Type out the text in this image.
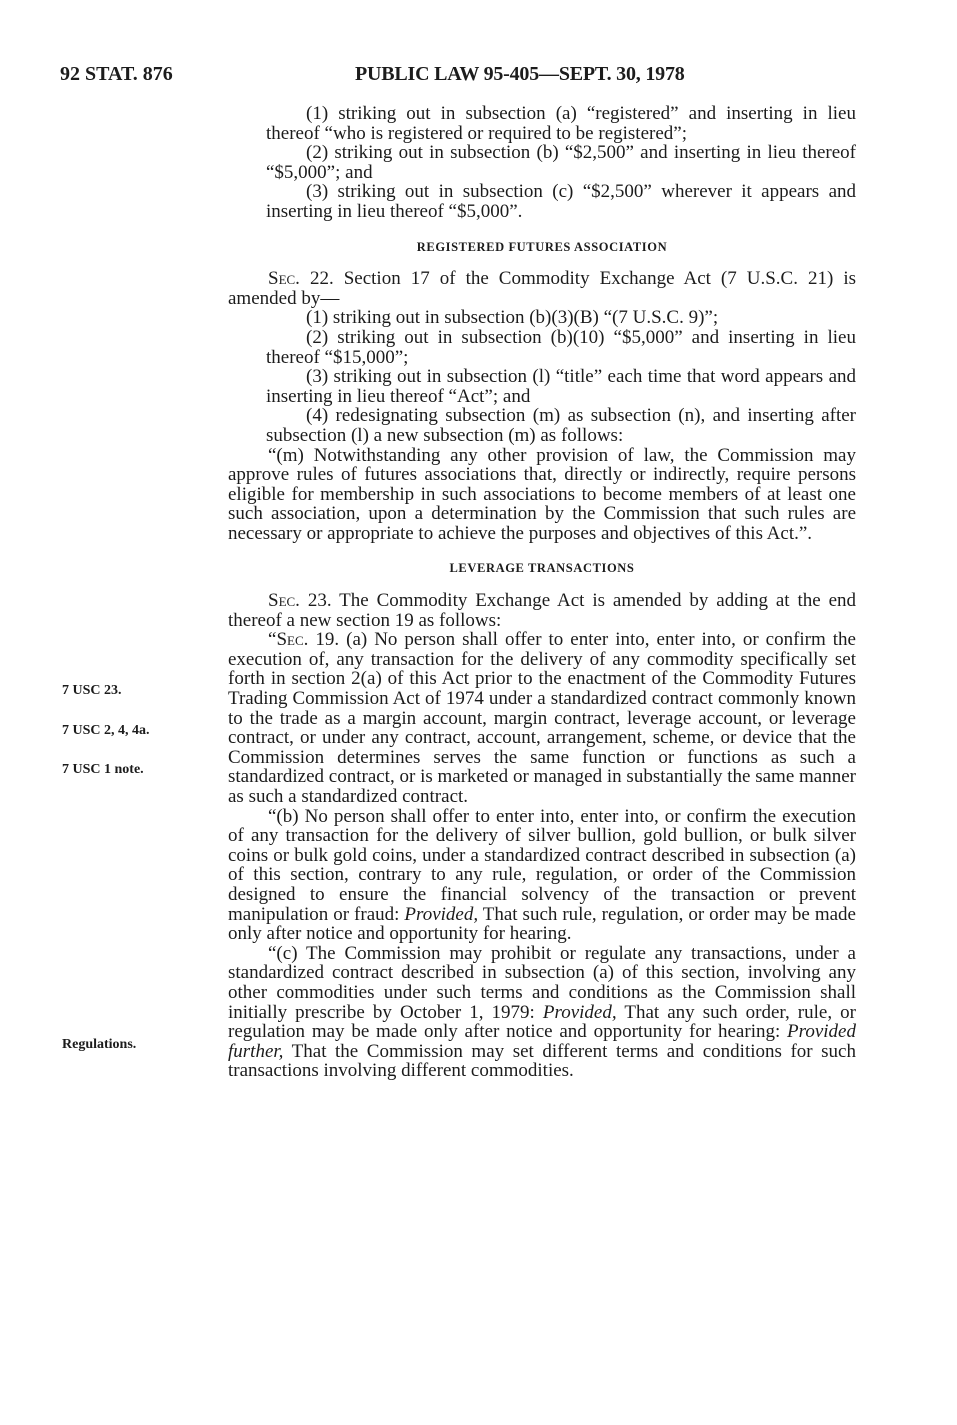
92 STAT. 876	PUBLIC LAW 95-405—SEPT. 30, 1978
7 USC 23.
7 USC 2, 4, 4a.
7 USC 1 note.
Regulations.

(1) striking out in subsection (a) “registered” and inserting in lieu thereof “who is registered or required to be registered”;

(2) striking out in subsection (b) “$2,500” and inserting in lieu thereof “$5,000”; and

(3) striking out in subsection (c) “$2,500” wherever it appears and inserting in lieu thereof “$5,000”.

REGISTERED FUTURES ASSOCIATION

Sec. 22. Section 17 of the Commodity Exchange Act (7 U.S.C. 21) is amended by—

(1) striking out in subsection (b)(3)(B) “(7 U.S.C. 9)”;

(2) striking out in subsection (b)(10) “$5,000” and inserting in lieu thereof “$15,000”;

(3) striking out in subsection (l) “title” each time that word appears and inserting in lieu thereof “Act”; and

(4) redesignating subsection (m) as subsection (n), and inserting after subsection (l) a new subsection (m) as follows:

“(m) Notwithstanding any other provision of law, the Commission may approve rules of futures associations that, directly or indirectly, require persons eligible for membership in such associations to become members of at least one such association, upon a determination by the Commission that such rules are necessary or appropriate to achieve the purposes and objectives of this Act.”.

LEVERAGE TRANSACTIONS

Sec. 23. The Commodity Exchange Act is amended by adding at the end thereof a new section 19 as follows:

“Sec. 19. (a) No person shall offer to enter into, enter into, or confirm the execution of, any transaction for the delivery of any commodity specifically set forth in section 2(a) of this Act prior to the enactment of the Commodity Futures Trading Commission Act of 1974 under a standardized contract commonly known to the trade as a margin account, margin contract, leverage account, or leverage contract, or under any contract, account, arrangement, scheme, or device that the Commission determines serves the same function or functions as such a standardized contract, or is marketed or managed in substantially the same manner as such a standardized contract.

“(b) No person shall offer to enter into, enter into, or confirm the execution of any transaction for the delivery of silver bullion, gold bullion, or bulk silver coins or bulk gold coins, under a standardized contract described in subsection (a) of this section, contrary to any rule, regulation, or order of the Commission designed to ensure the financial solvency of the transaction or prevent manipulation or fraud: Provided, That such rule, regulation, or order may be made only after notice and opportunity for hearing.

“(c) The Commission may prohibit or regulate any transactions, under a standardized contract described in subsection (a) of this section, involving any other commodities under such terms and conditions as the Commission shall initially prescribe by October 1, 1979: Provided, That any such order, rule, or regulation may be made only after notice and opportunity for hearing: Provided further, That the Commission may set different terms and conditions for such transactions involving different commodities.
